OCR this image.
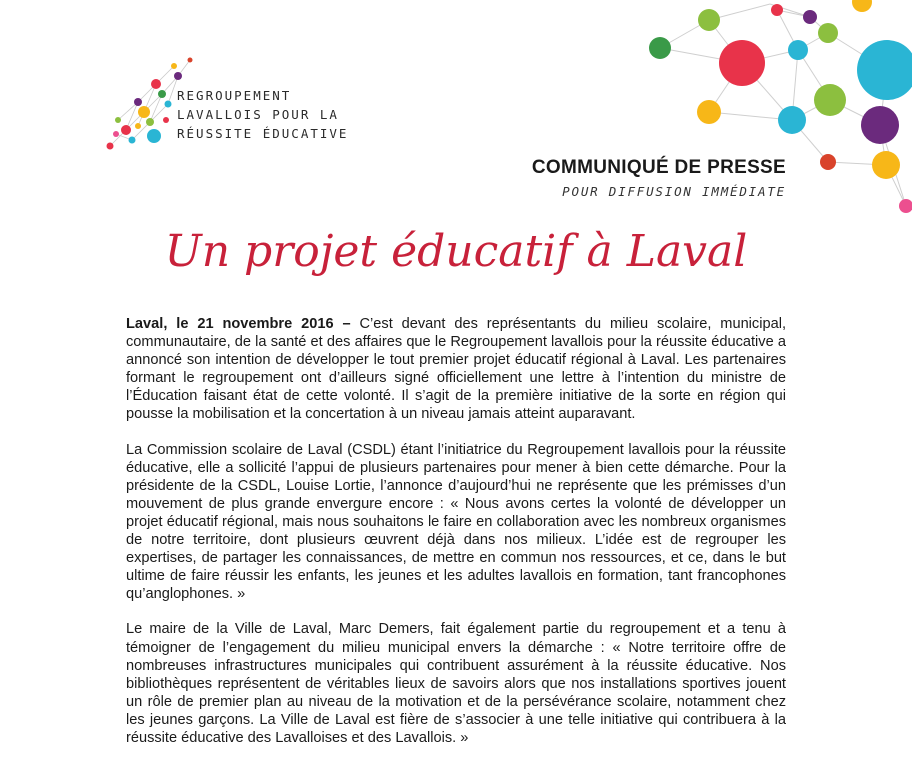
REGROUPEMENT
LAVALLOIS POUR LA
RÉUSSITE ÉDUCATIVE
COMMUNIQUÉ DE PRESSE
POUR DIFFUSION IMMÉDIATE
Un projet éducatif à Laval

Laval, le 21 novembre 2016 – C’est devant des représentants du milieu scolaire, municipal, communautaire, de la santé et des affaires que le Regroupement lavallois pour la réussite éducative a annoncé son intention de développer le tout premier projet éducatif régional à Laval. Les partenaires formant le regroupement ont d’ailleurs signé officiellement une lettre à l’intention du ministre de l’Éducation faisant état de cette volonté. Il s’agit de la première initiative de la sorte en région qui pousse la mobilisation et la concertation à un niveau jamais atteint auparavant.

La Commission scolaire de Laval (CSDL) étant l’initiatrice du Regroupement lavallois pour la réussite éducative, elle a sollicité l’appui de plusieurs partenaires pour mener à bien cette démarche. Pour la présidente de la CSDL, Louise Lortie, l’annonce d’aujourd’hui ne représente que les prémisses d’un mouvement de plus grande envergure encore : « Nous avons certes la volonté de développer un projet éducatif régional, mais nous souhaitons le faire en collaboration avec les nombreux organismes de notre territoire, dont plusieurs œuvrent déjà dans nos milieux. L’idée est de regrouper les expertises, de partager les connaissances, de mettre en commun nos ressources, et ce, dans le but ultime de faire réussir les enfants, les jeunes et les adultes lavallois en formation, tant francophones qu’anglophones. »

Le maire de la Ville de Laval, Marc Demers, fait également partie du regroupement et a tenu à témoigner de l’engagement du milieu municipal envers la démarche : « Notre territoire offre de nombreuses infrastructures municipales qui contribuent assurément à la réussite éducative. Nos bibliothèques représentent de véritables lieux de savoirs alors que nos installations sportives jouent un rôle de premier plan au niveau de la motivation et de la persévérance scolaire, notamment chez les jeunes garçons. La Ville de Laval est fière de s’associer à une telle initiative qui contribuera à la réussite éducative des Lavalloises et des Lavallois. »
